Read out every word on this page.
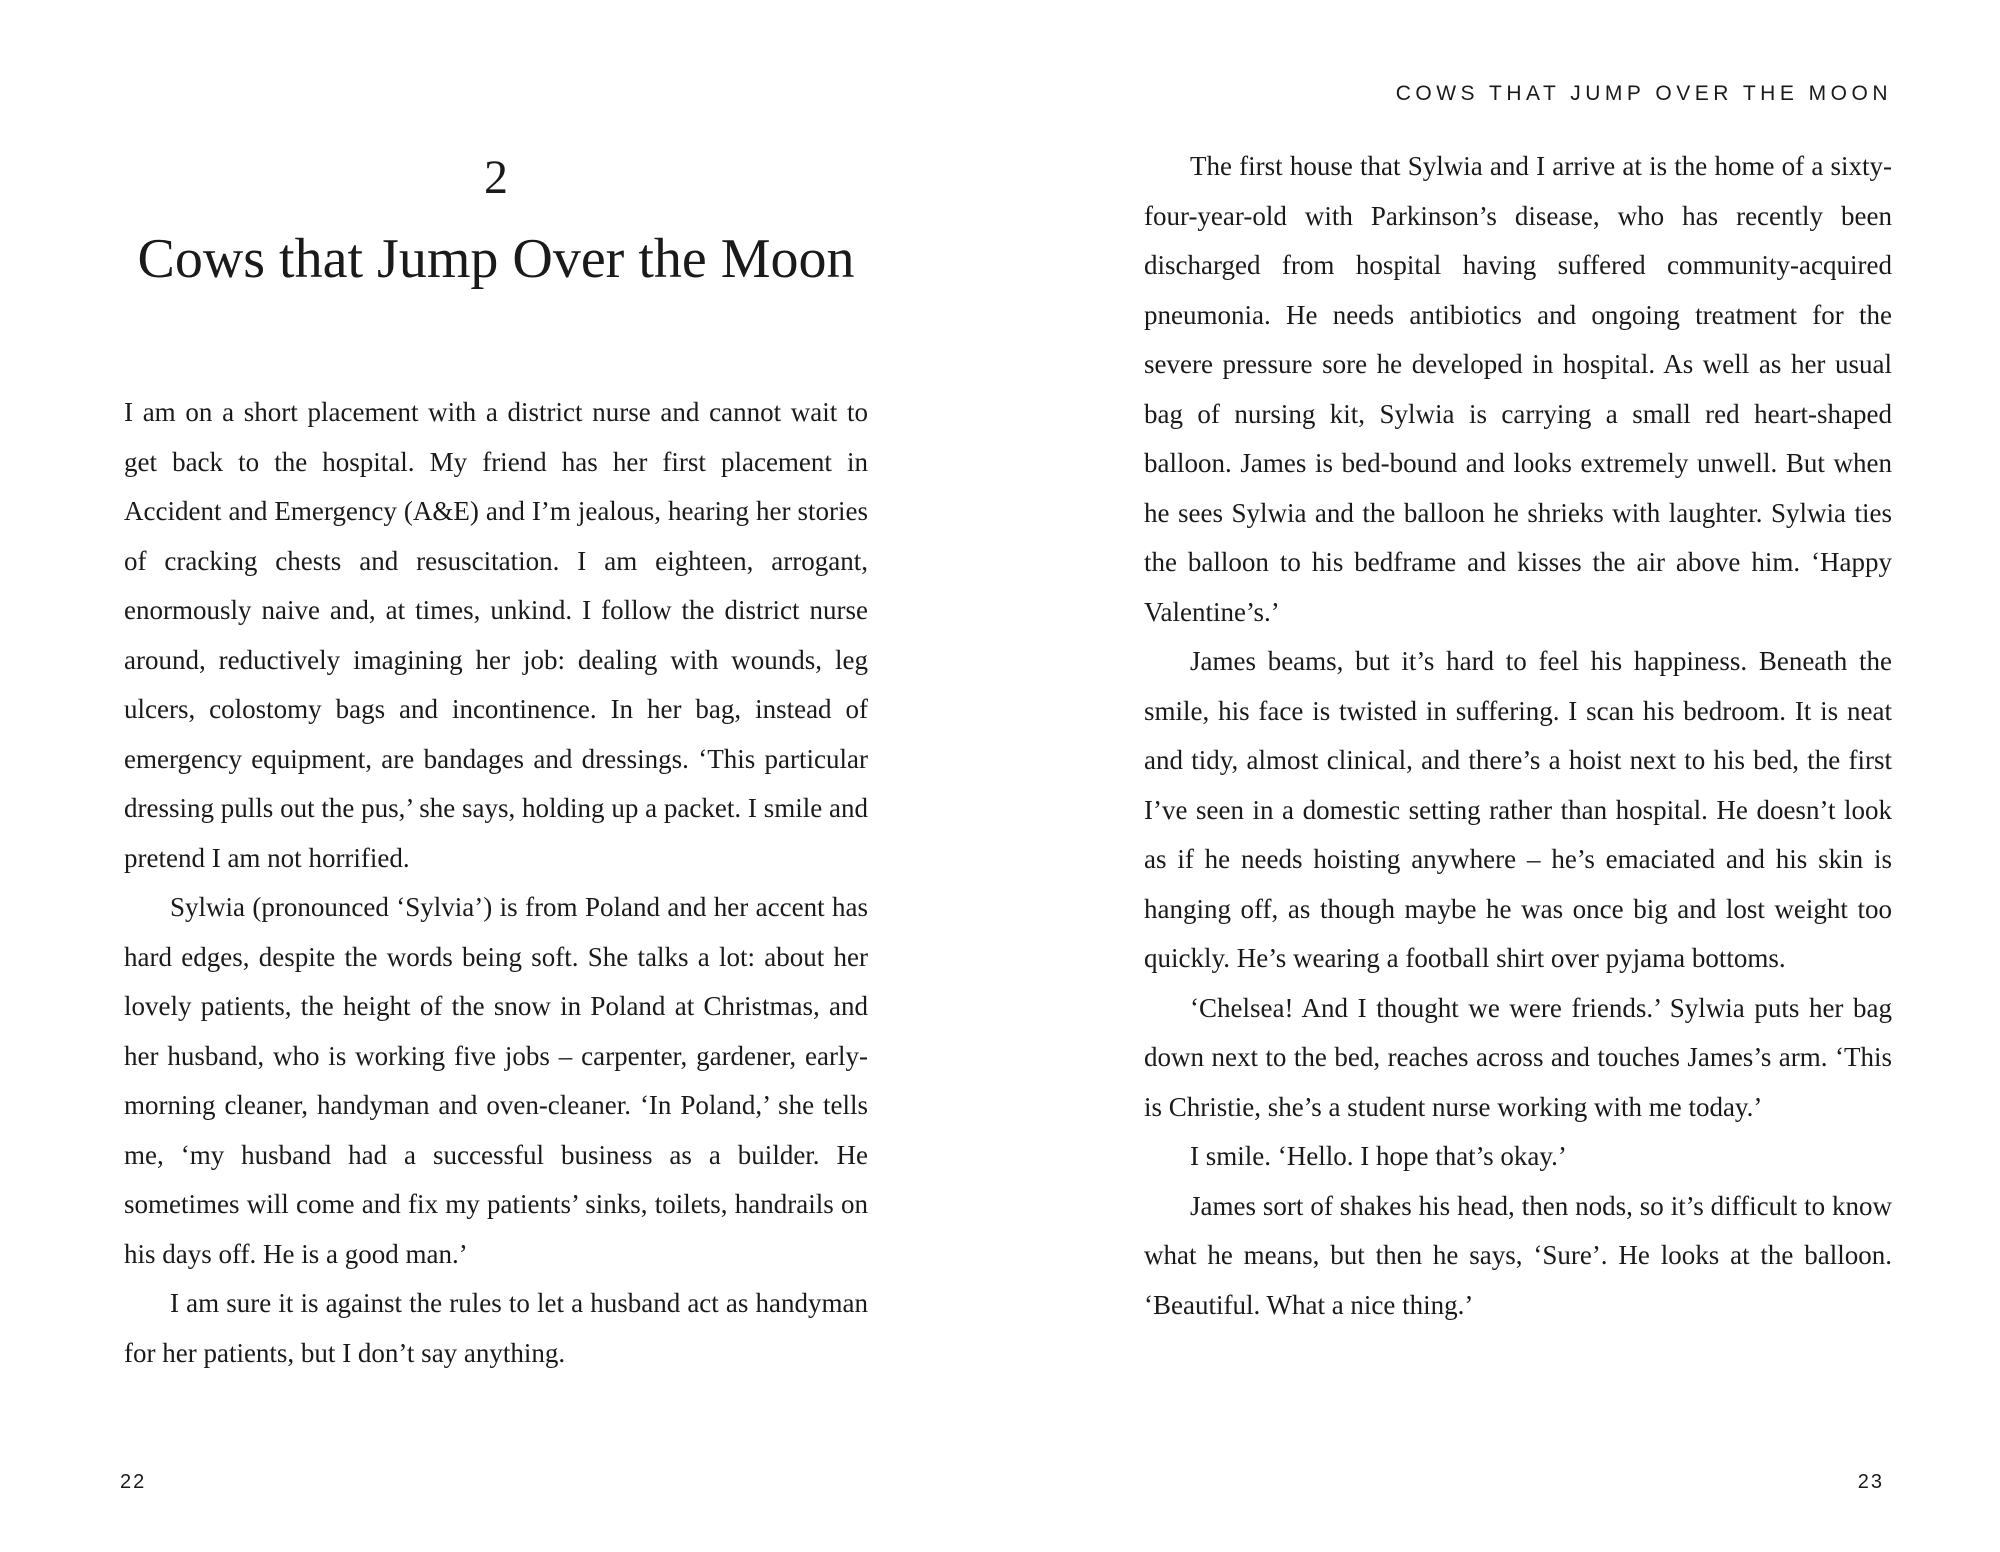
2
Cows that Jump Over the Moon

I am on a short placement with a district nurse and cannot wait to get back to the hospital. My friend has her first placement in Accident and Emergency (A&E) and I’m jealous, hearing her stories of cracking chests and resuscitation. I am eighteen, arrogant, enormously naive and, at times, unkind. I follow the district nurse around, reductively imagining her job: dealing with wounds, leg ulcers, colostomy bags and incontinence. In her bag, instead of emergency equipment, are bandages and dressings. ‘This particular dressing pulls out the pus,’ she says, holding up a packet. I smile and pretend I am not horrified.

Sylwia (pronounced ‘Sylvia’) is from Poland and her accent has hard edges, despite the words being soft. She talks a lot: about her lovely patients, the height of the snow in Poland at Christmas, and her husband, who is working five jobs – carpenter, gardener, early-morning cleaner, handyman and oven-cleaner. ‘In Poland,’ she tells me, ‘my husband had a successful business as a builder. He sometimes will come and fix my patients’ sinks, toilets, handrails on his days off. He is a good man.’

I am sure it is against the rules to let a husband act as handyman for her patients, but I don’t say anything.

22
COWS THAT JUMP OVER THE MOON

The first house that Sylwia and I arrive at is the home of a sixty-four-year-old with Parkinson’s disease, who has recently been discharged from hospital having suffered community-acquired pneumonia. He needs antibiotics and ongoing treatment for the severe pressure sore he developed in hospital. As well as her usual bag of nursing kit, Sylwia is carrying a small red heart-shaped balloon. James is bed-bound and looks extremely unwell. But when he sees Sylwia and the balloon he shrieks with laughter. Sylwia ties the balloon to his bedframe and kisses the air above him. ‘Happy Valentine’s.’

James beams, but it’s hard to feel his happiness. Beneath the smile, his face is twisted in suffering. I scan his bedroom. It is neat and tidy, almost clinical, and there’s a hoist next to his bed, the first I’ve seen in a domestic setting rather than hospital. He doesn’t look as if he needs hoisting anywhere – he’s emaciated and his skin is hanging off, as though maybe he was once big and lost weight too quickly. He’s wearing a football shirt over pyjama bottoms.

‘Chelsea! And I thought we were friends.’ Sylwia puts her bag down next to the bed, reaches across and touches James’s arm. ‘This is Christie, she’s a student nurse working with me today.’

I smile. ‘Hello. I hope that’s okay.’

James sort of shakes his head, then nods, so it’s difficult to know what he means, but then he says, ‘Sure’. He looks at the balloon. ‘Beautiful. What a nice thing.’

23
